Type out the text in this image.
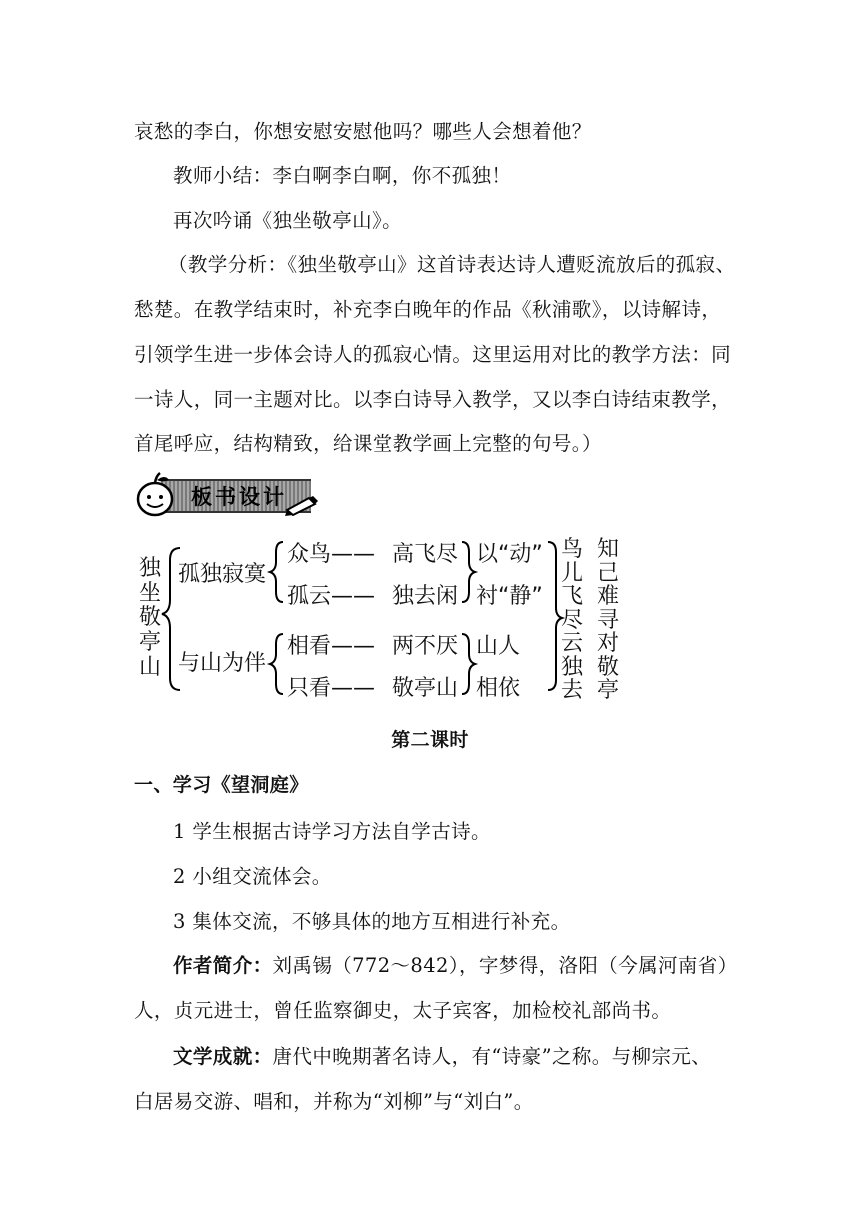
哀愁的李白，你想安慰安慰他吗？哪些人会想着他？
教师小结：李白啊李白啊，你不孤独！
再次吟诵《独坐敬亭山》。
（教学分析：《独坐敬亭山》这首诗表达诗人遭贬流放后的孤寂、
愁楚。在教学结束时，补充李白晚年的作品《秋浦歌》，以诗解诗，
引领学生进一步体会诗人的孤寂心情。这里运用对比的教学方法：同
一诗人，同一主题对比。以李白诗导入教学，又以李白诗结束教学，
首尾呼应，结构精致，给课堂教学画上完整的句号。）
板书设计
独
坐
敬
亭
山
孤独寂寞
与山为伴
众鸟—— 高飞尽 以“动”
孤云—— 独去闲 衬“静”
相看—— 两不厌 山人
只看—— 敬亭山 相依
鸟
儿
飞
尽
云
独
去
知
己
难
寻
对
敬
亭
第二课时
一、学习《望洞庭》
1 学生根据古诗学习方法自学古诗。
2 小组交流体会。
3 集体交流，不够具体的地方互相进行补充。
作者简介：刘禹锡（772～842），字梦得，洛阳（今属河南省）
人，贞元进士，曾任监察御史，太子宾客，加检校礼部尚书。
文学成就：唐代中晚期著名诗人，有“诗豪”之称。与柳宗元、
白居易交游、唱和，并称为“刘柳”与“刘白”。
